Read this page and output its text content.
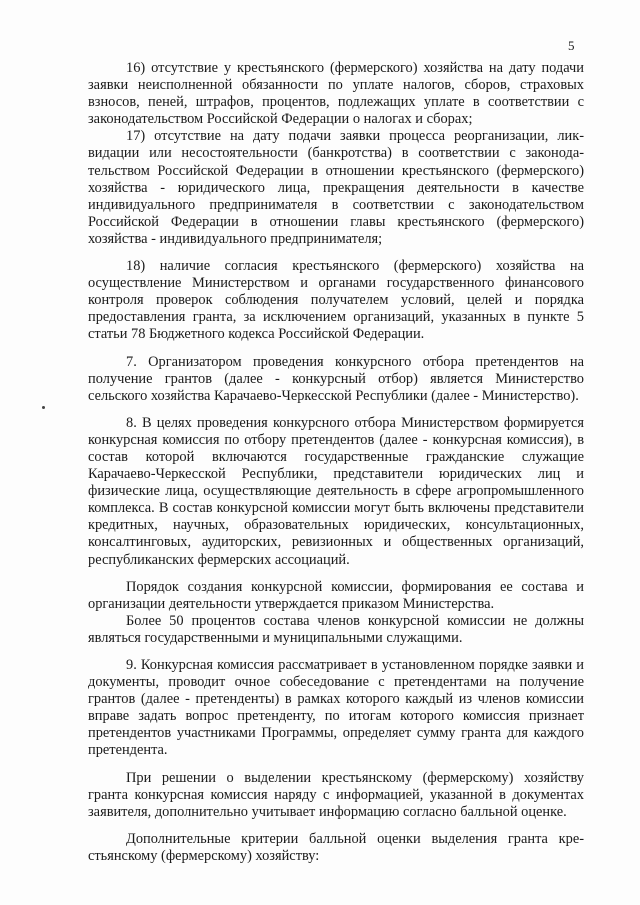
5

16) отсутствие у крестьянского (фермерского) хозяйства на дату подачи заявки неисполненной обязанности по уплате налогов, сборов, страховых взносов, пеней, штрафов, процентов, подлежащих уплате в соответствии с законодательством Российской Федерации о налогах и сборах;

17) отсутствие на дату подачи заявки процесса реорганизации, ликвидации или несостоятельности (банкротства) в соответствии с законодательством Российской Федерации в отношении крестьянского (фермерского) хозяйства - юридического лица, прекращения деятельности в качестве индивидуального предпринимателя в соответствии с законодательством Российской Федерации в отношении главы крестьянского (фермерского) хозяйства - индивидуального предпринимателя;

18) наличие согласия крестьянского (фермерского) хозяйства на осуществление Министерством и органами государственного финансового контроля проверок соблюдения получателем условий, целей и порядка предоставления гранта, за исключением организаций, указанных в пункте 5 статьи 78 Бюджетного кодекса Российской Федерации.

7. Организатором проведения конкурсного отбора претендентов на получение грантов (далее - конкурсный отбор) является Министерство сельского хозяйства Карачаево-Черкесской Республики (далее - Министерство).

8. В целях проведения конкурсного отбора Министерством формируется конкурсная комиссия по отбору претендентов (далее - конкурсная комиссия), в состав которой включаются государственные гражданские служащие Карачаево-Черкесской Республики, представители юридических лиц и физические лица, осуществляющие деятельность в сфере агропромышленного комплекса. В состав конкурсной комиссии могут быть включены представители кредитных, научных, образовательных юридических, консультационных, консалтинговых, аудиторских, ревизионных и общественных организаций, республиканских фермерских ассоциаций.

Порядок создания конкурсной комиссии, формирования ее состава и организации деятельности утверждается приказом Министерства.

Более 50 процентов состава членов конкурсной комиссии не должны являться государственными и муниципальными служащими.

9. Конкурсная комиссия рассматривает в установленном порядке заявки и документы, проводит очное собеседование с претендентами на получение грантов (далее - претенденты) в рамках которого каждый из членов комиссии вправе задать вопрос претенденту, по итогам которого комиссия признает претендентов участниками Программы, определяет сумму гранта для каждого претендента.

При решении о выделении крестьянскому (фермерскому) хозяйству гранта конкурсная комиссия наряду с информацией, указанной в документах заявителя, дополнительно учитывает информацию согласно балльной оценке.

Дополнительные критерии балльной оценки выделения гранта крестьянскому (фермерскому) хозяйству:
